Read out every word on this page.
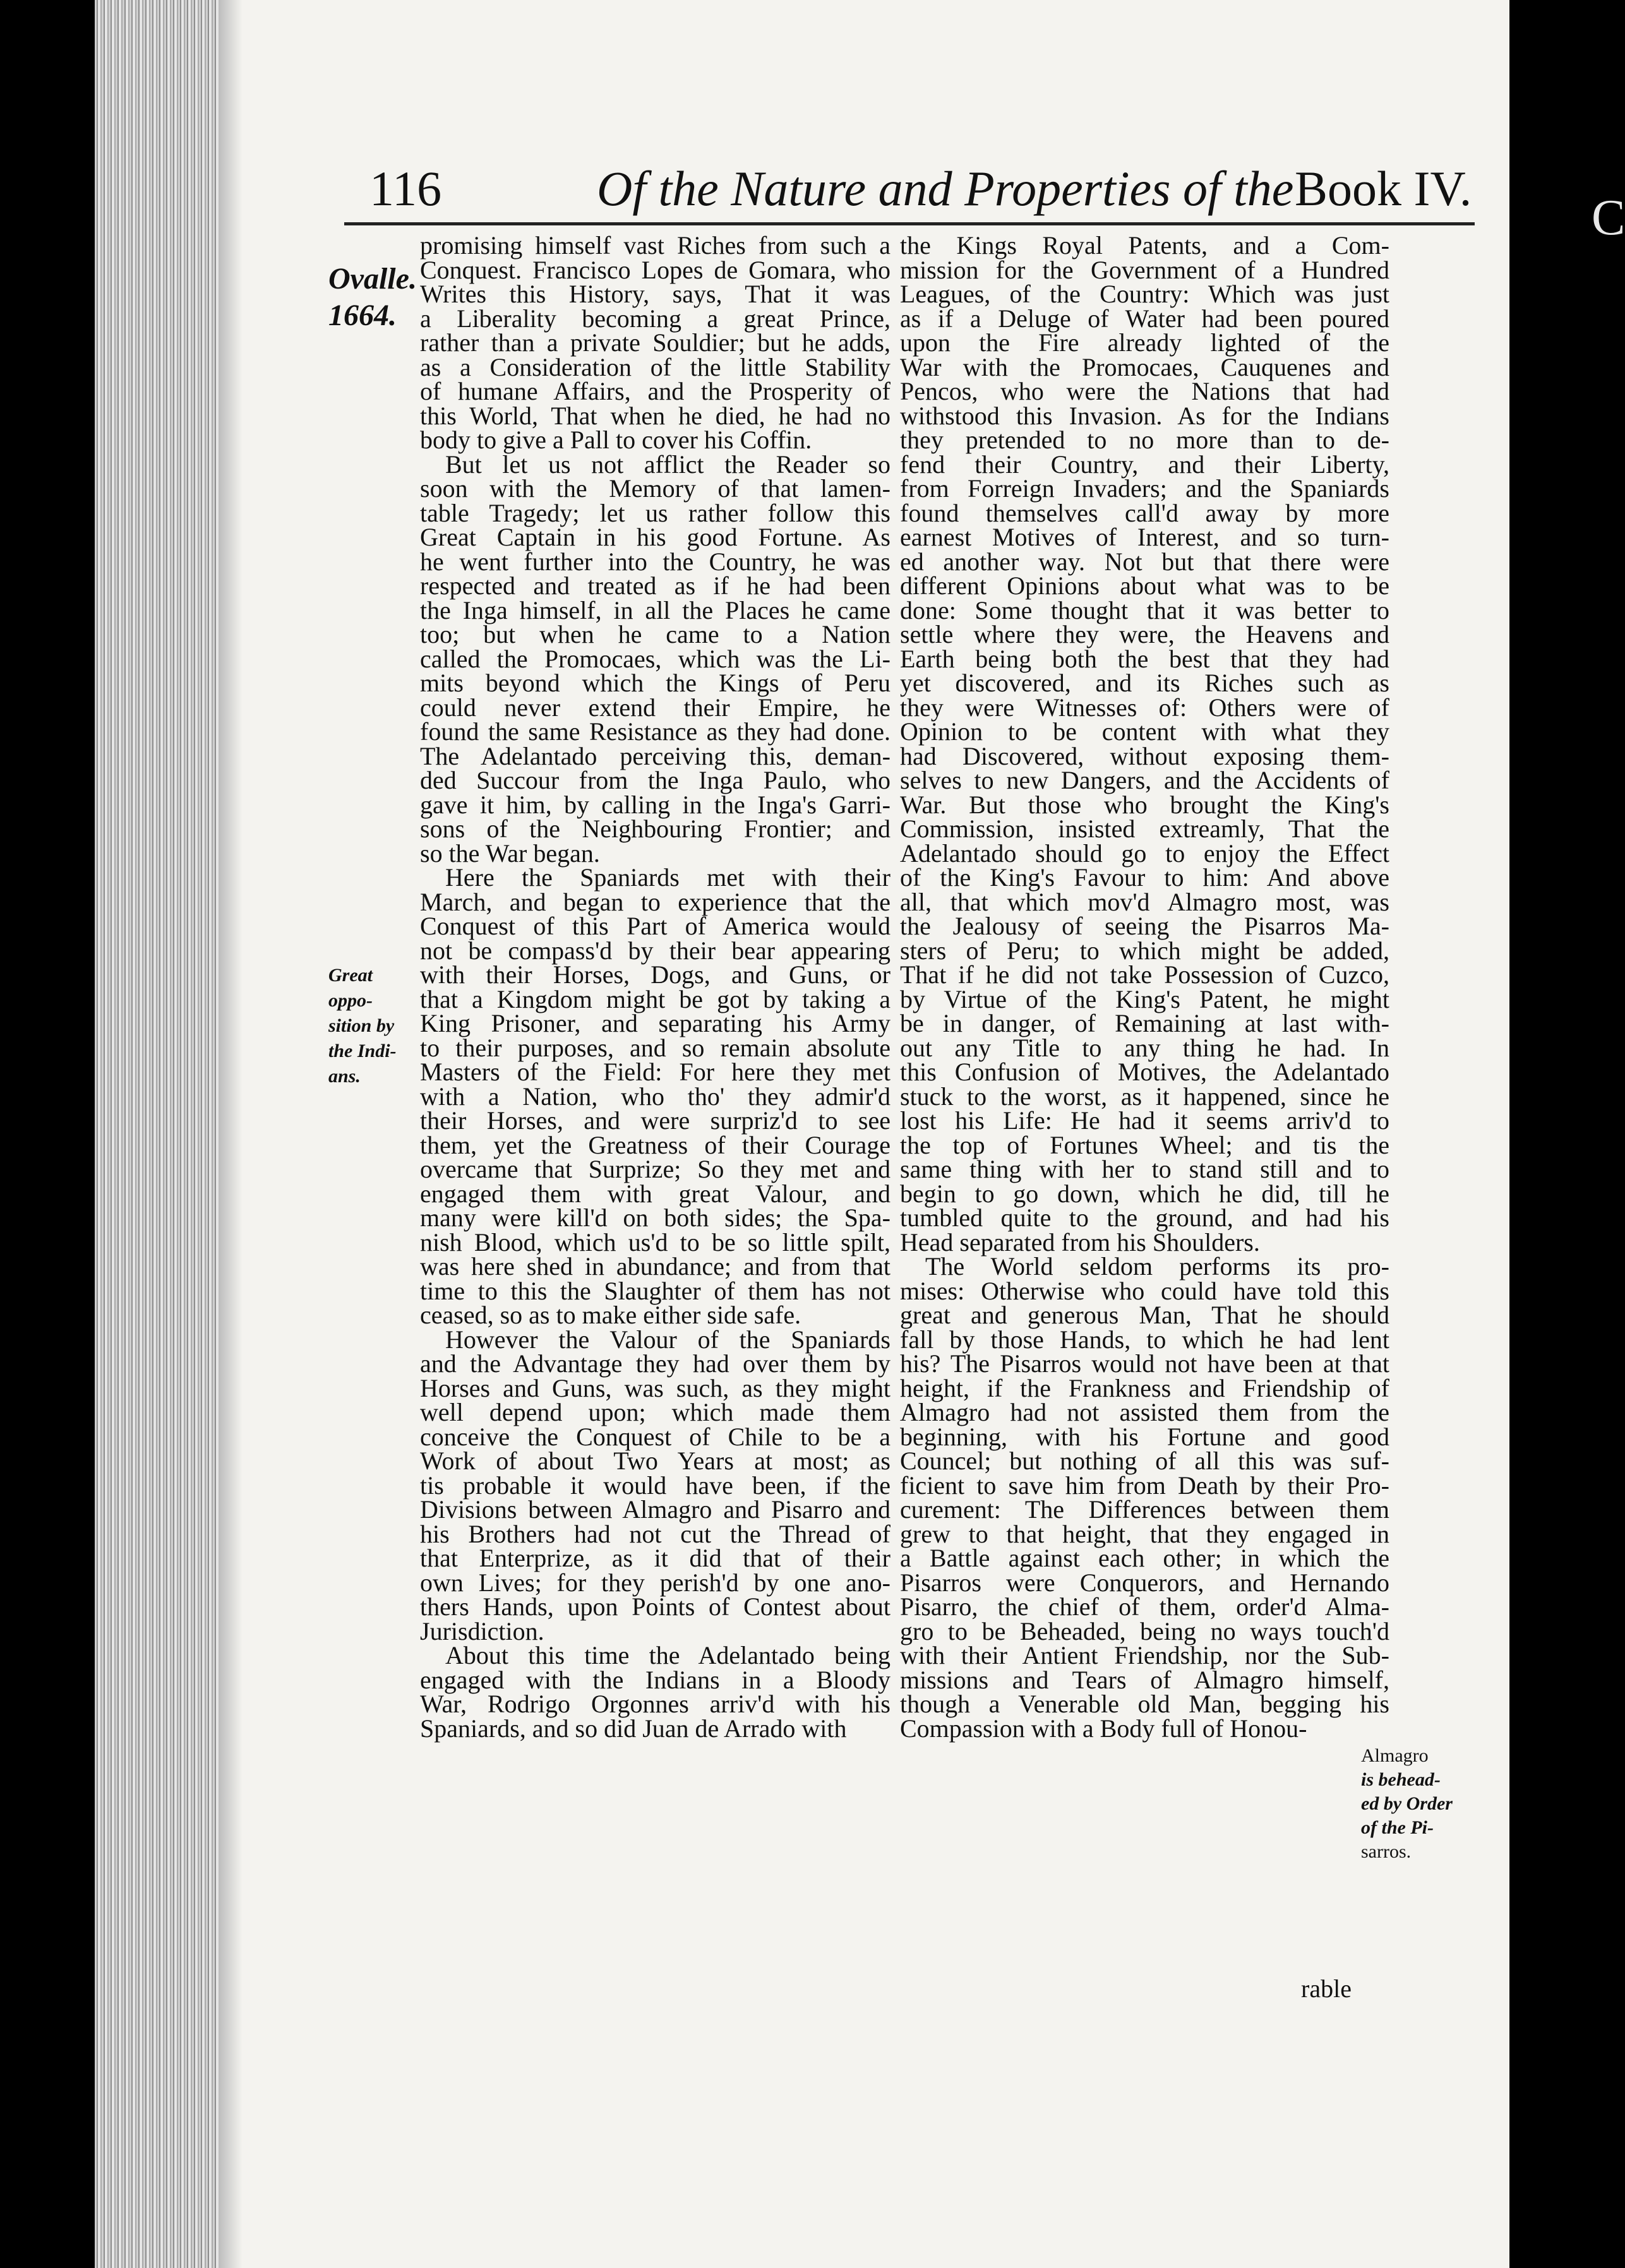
C
116	Of the Nature and Properties of the Book IV.

Ovalle.
1664.
Great oppo-
sition by
the Indi-
ans.
Almagro
is behead-
ed by Order
of the Pi-
sarros.

promising himself vast Riches from such a

Conquest. Francisco Lopes de Gomara, who

Writes this History, says, That it was

a Liberality becoming a great Prince,

rather than a private Souldier; but he adds,

as a Consideration of the little Stability

of humane Affairs, and the Prosperity of

this World, That when he died, he had no

body to give a Pall to cover his Coffin.

But let us not afflict the Reader so

soon with the Memory of that lamen-

table Tragedy; let us rather follow this

Great Captain in his good Fortune. As

he went further into the Country, he was

respected and treated as if he had been

the Inga himself, in all the Places he came

too; but when he came to a Nation

called the Promocaes, which was the Li-

mits beyond which the Kings of Peru

could never extend their Empire, he

found the same Resistance as they had done.

The Adelantado perceiving this, deman-

ded Succour from the Inga Paulo, who

gave it him, by calling in the Inga's Garri-

sons of the Neighbouring Frontier; and

so the War began.

Here the Spaniards met with their

March, and began to experience that the

Conquest of this Part of America would

not be compass'd by their bear appearing

with their Horses, Dogs, and Guns, or

that a Kingdom might be got by taking a

King Prisoner, and separating his Army

to their purposes, and so remain absolute

Masters of the Field: For here they met

with a Nation, who tho' they admir'd

their Horses, and were surpriz'd to see

them, yet the Greatness of their Courage

overcame that Surprize; So they met and

engaged them with great Valour, and

many were kill'd on both sides; the Spa-

nish Blood, which us'd to be so little spilt,

was here shed in abundance; and from that

time to this the Slaughter of them has not

ceased, so as to make either side safe.

However the Valour of the Spaniards

and the Advantage they had over them by

Horses and Guns, was such, as they might

well depend upon; which made them

conceive the Conquest of Chile to be a

Work of about Two Years at most; as

tis probable it would have been, if the

Divisions between Almagro and Pisarro and

his Brothers had not cut the Thread of

that Enterprize, as it did that of their

own Lives; for they perish'd by one ano-

thers Hands, upon Points of Contest about

Jurisdiction.

About this time the Adelantado being

engaged with the Indians in a Bloody

War, Rodrigo Orgonnes arriv'd with his

Spaniards, and so did Juan de Arrado with

the Kings Royal Patents, and a Com-

mission for the Government of a Hundred

Leagues, of the Country: Which was just

as if a Deluge of Water had been poured

upon the Fire already lighted of the

War with the Promocaes, Cauquenes and

Pencos, who were the Nations that had

withstood this Invasion. As for the Indians

they pretended to no more than to de-

fend their Country, and their Liberty,

from Forreign Invaders; and the Spaniards

found themselves call'd away by more

earnest Motives of Interest, and so turn-

ed another way. Not but that there were

different Opinions about what was to be

done: Some thought that it was better to

settle where they were, the Heavens and

Earth being both the best that they had

yet discovered, and its Riches such as

they were Witnesses of: Others were of

Opinion to be content with what they

had Discovered, without exposing them-

selves to new Dangers, and the Accidents of

War. But those who brought the King's

Commission, insisted extreamly, That the

Adelantado should go to enjoy the Effect

of the King's Favour to him: And above

all, that which mov'd Almagro most, was

the Jealousy of seeing the Pisarros Ma-

sters of Peru; to which might be added,

That if he did not take Possession of Cuzco,

by Virtue of the King's Patent, he might

be in danger, of Remaining at last with-

out any Title to any thing he had. In

this Confusion of Motives, the Adelantado

stuck to the worst, as it happened, since he

lost his Life: He had it seems arriv'd to

the top of Fortunes Wheel; and tis the

same thing with her to stand still and to

begin to go down, which he did, till he

tumbled quite to the ground, and had his

Head separated from his Shoulders.

The World seldom performs its pro-

mises: Otherwise who could have told this

great and generous Man, That he should

fall by those Hands, to which he had lent

his? The Pisarros would not have been at that

height, if the Frankness and Friendship of

Almagro had not assisted them from the

beginning, with his Fortune and good

Councel; but nothing of all this was suf-

ficient to save him from Death by their Pro-

curement: The Differences between them

grew to that height, that they engaged in

a Battle against each other; in which the

Pisarros were Conquerors, and Hernando

Pisarro, the chief of them, order'd Alma-

gro to be Beheaded, being no ways touch'd

with their Antient Friendship, nor the Sub-

missions and Tears of Almagro himself,

though a Venerable old Man, begging his

Compassion with a Body full of Honou-

rable
